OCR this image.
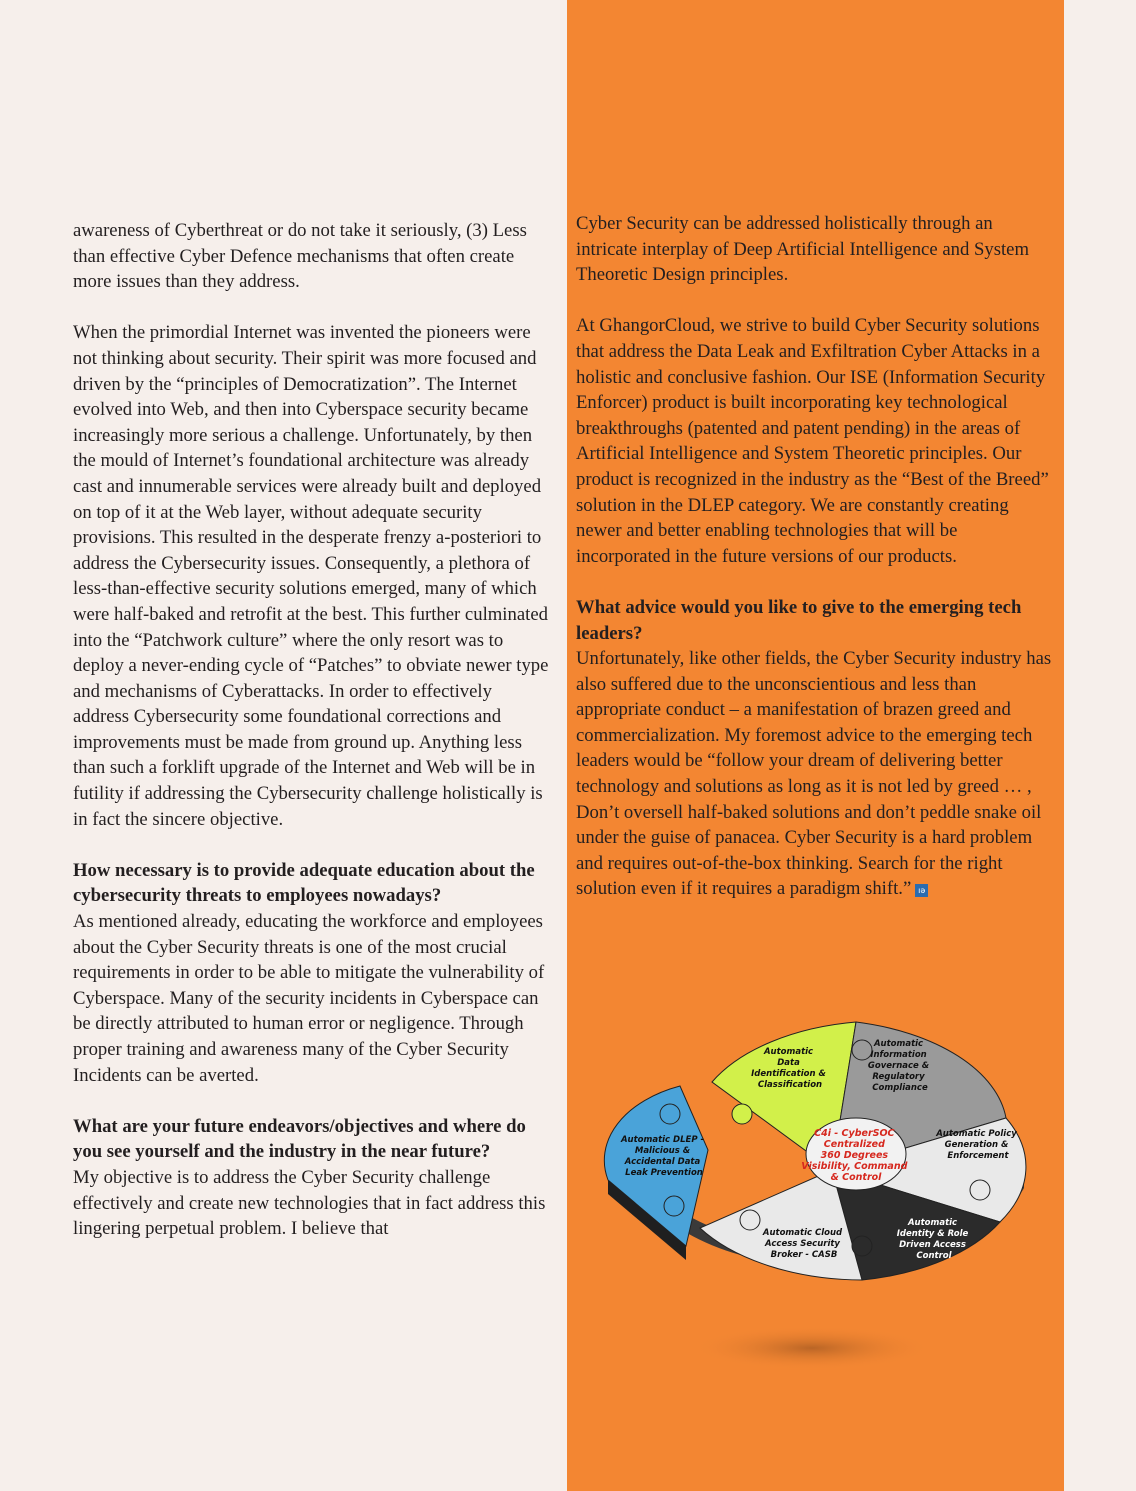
awareness of Cyberthreat or do not take it seriously, (3) Less than effective Cyber Defence mechanisms that often create more issues than they address.

When the primordial Internet was invented the pioneers were not thinking about security. Their spirit was more focused and driven by the “principles of Democratization”. The Internet evolved into Web, and then into Cyberspace security became increasingly more serious a challenge. Unfortunately, by then the mould of Internet’s foundational architecture was already cast and innumerable services were already built and deployed on top of it at the Web layer, without adequate security provisions. This resulted in the desperate frenzy a-posteriori to address the Cybersecurity issues. Consequently, a plethora of less-than-effective security solutions emerged, many of which were half-baked and retrofit at the best. This further culminated into the “Patchwork culture” where the only resort was to deploy a never-ending cycle of “Patches” to obviate newer type and mechanisms of Cyberattacks. In order to effectively address Cybersecurity some foundational corrections and improvements must be made from ground up. Anything less than such a forklift upgrade of the Internet and Web will be in futility if addressing the Cybersecurity challenge holistically is in fact the sincere objective.

How necessary is to provide adequate education about the cybersecurity threats to employees nowadays?

As mentioned already, educating the workforce and employees about the Cyber Security threats is one of the most crucial requirements in order to be able to mitigate the vulnerability of Cyberspace. Many of the security incidents in Cyberspace can be directly attributed to human error or negligence. Through proper training and awareness many of the Cyber Security Incidents can be averted.

What are your future endeavors/objectives and where do you see yourself and the industry in the near future?

My objective is to address the Cyber Security challenge effectively and create new technologies that in fact address this lingering perpetual problem. I believe that

Cyber Security can be addressed holistically through an intricate interplay of Deep Artificial Intelligence and System Theoretic Design principles.

At GhangorCloud, we strive to build Cyber Security solutions that address the Data Leak and Exfiltration Cyber Attacks in a holistic and conclusive fashion. Our ISE (Information Security Enforcer) product is built incorporating key technological breakthroughs (patented and patent pending) in the areas of Artificial Intelligence and System Theoretic principles. Our product is recognized in the industry as the “Best of the Breed” solution in the DLEP category. We are constantly creating newer and better enabling technologies that will be incorporated in the future versions of our products.

What advice would you like to give to the emerging tech leaders?

Unfortunately, like other fields, the Cyber Security industry has also suffered due to the unconscientious and less than appropriate conduct – a manifestation of brazen greed and commercialization. My foremost advice to the emerging tech leaders would be “follow your dream of delivering better technology and solutions as long as it is not led by greed … , Don’t oversell half-baked solutions and don’t peddle snake oil under the guise of panacea. Cyber Security is a hard problem and requires out-of-the-box thinking. Search for the right solution even if it requires a paradigm shift.” ıə

Automatic Data Identification & Classification
Automatic Information Governace & Regulatory Compliance
Automatic Policy Generation & Enforcement
Automatic Identity & Role Driven Access Control
Automatic Cloud Access Security Broker - CASB
Automatic DLEP - Malicious & Accidental Data Leak Prevention
C4i - CyberSOC Centralized 360 Degrees Visibility, Command & Control
